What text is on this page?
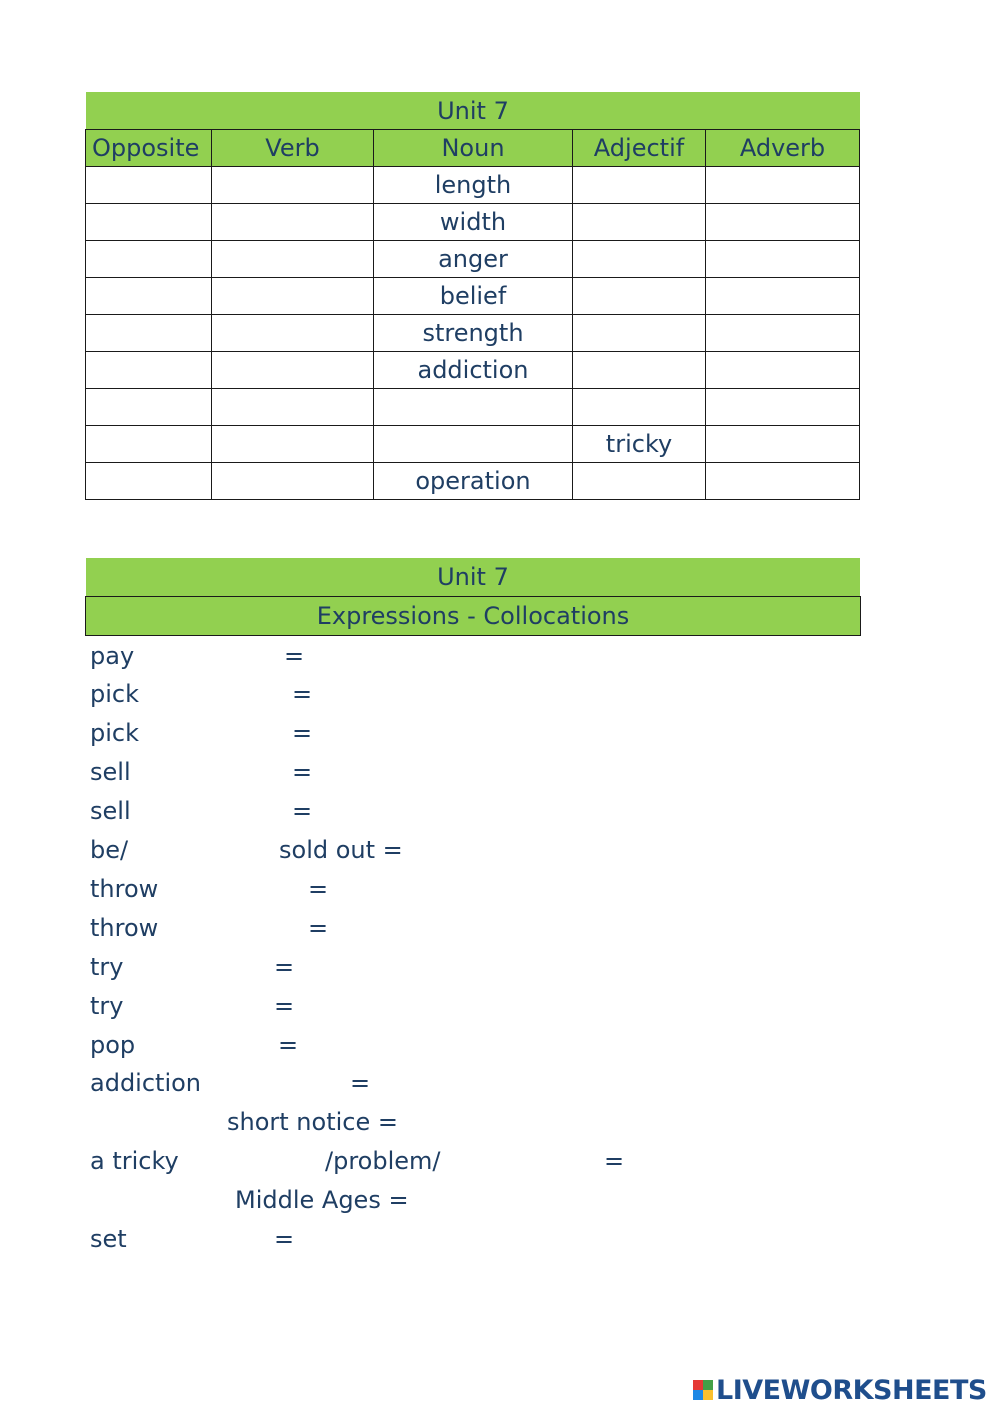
Unit 7
Opposite	Verb	Noun	Adjectif	Adverb
		length		
		width		
		anger		
		belief		
		strength		
		addiction		

			tricky	
		operation		
Unit 7
Expressions - Collocations
pay	=
pick	=
pick	=
sell	=
sell	=
be/	sold out =
throw	=
throw	=
try	=
try	=
pop	=
addiction	=
short notice =
a tricky	/problem/	=
Middle Ages =
set	=
LIVEWORKSHEETS
